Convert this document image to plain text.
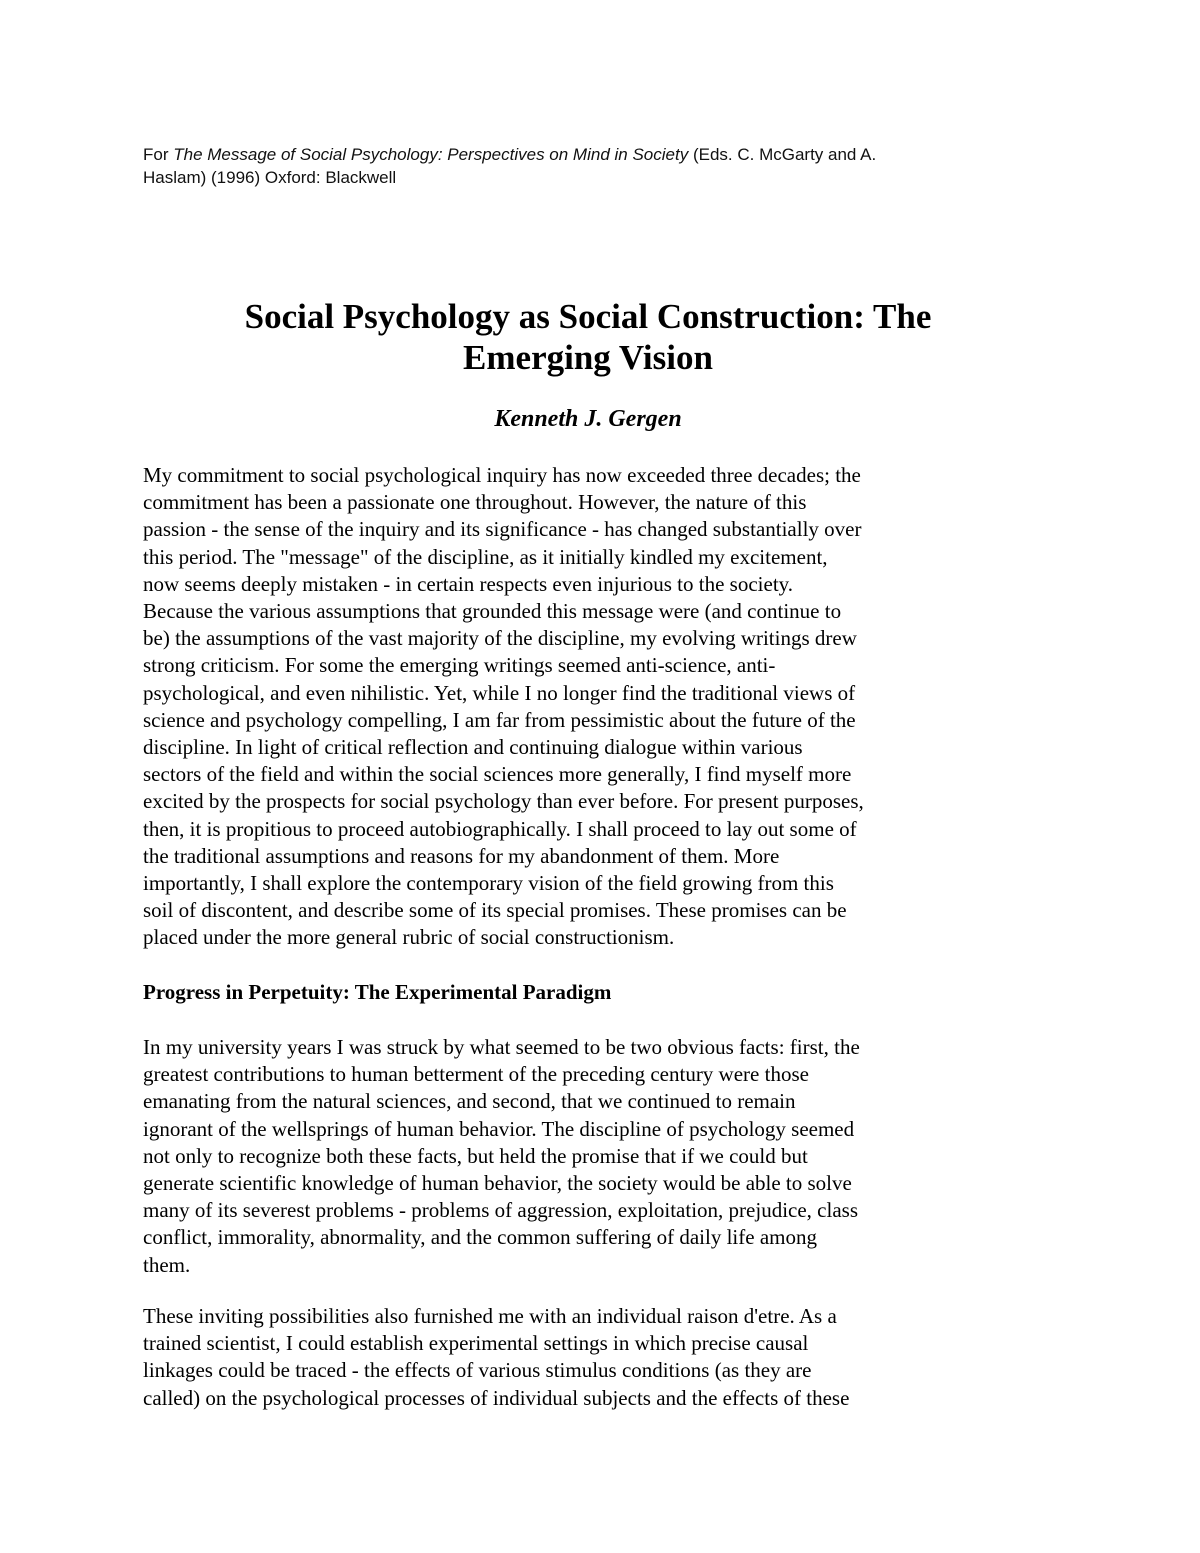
For The Message of Social Psychology: Perspectives on Mind in Society (Eds. C. McGarty and A.
Haslam) (1996) Oxford: Blackwell
Social Psychology as Social Construction: The
Emerging Vision
Kenneth J. Gergen

My commitment to social psychological inquiry has now exceeded three decades; the
commitment has been a passionate one throughout. However, the nature of this
passion - the sense of the inquiry and its significance - has changed substantially over
this period. The "message" of the discipline, as it initially kindled my excitement,
now seems deeply mistaken - in certain respects even injurious to the society.
Because the various assumptions that grounded this message were (and continue to
be) the assumptions of the vast majority of the discipline, my evolving writings drew
strong criticism. For some the emerging writings seemed anti-science, anti-
psychological, and even nihilistic. Yet, while I no longer find the traditional views of
science and psychology compelling, I am far from pessimistic about the future of the
discipline. In light of critical reflection and continuing dialogue within various
sectors of the field and within the social sciences more generally, I find myself more
excited by the prospects for social psychology than ever before. For present purposes,
then, it is propitious to proceed autobiographically. I shall proceed to lay out some of
the traditional assumptions and reasons for my abandonment of them. More
importantly, I shall explore the contemporary vision of the field growing from this
soil of discontent, and describe some of its special promises. These promises can be
placed under the more general rubric of social constructionism.

Progress in Perpetuity: The Experimental Paradigm

In my university years I was struck by what seemed to be two obvious facts: first, the
greatest contributions to human betterment of the preceding century were those
emanating from the natural sciences, and second, that we continued to remain
ignorant of the wellsprings of human behavior. The discipline of psychology seemed
not only to recognize both these facts, but held the promise that if we could but
generate scientific knowledge of human behavior, the society would be able to solve
many of its severest problems - problems of aggression, exploitation, prejudice, class
conflict, immorality, abnormality, and the common suffering of daily life among
them.

These inviting possibilities also furnished me with an individual raison d'etre. As a
trained scientist, I could establish experimental settings in which precise causal
linkages could be traced - the effects of various stimulus conditions (as they are
called) on the psychological processes of individual subjects and the effects of these
